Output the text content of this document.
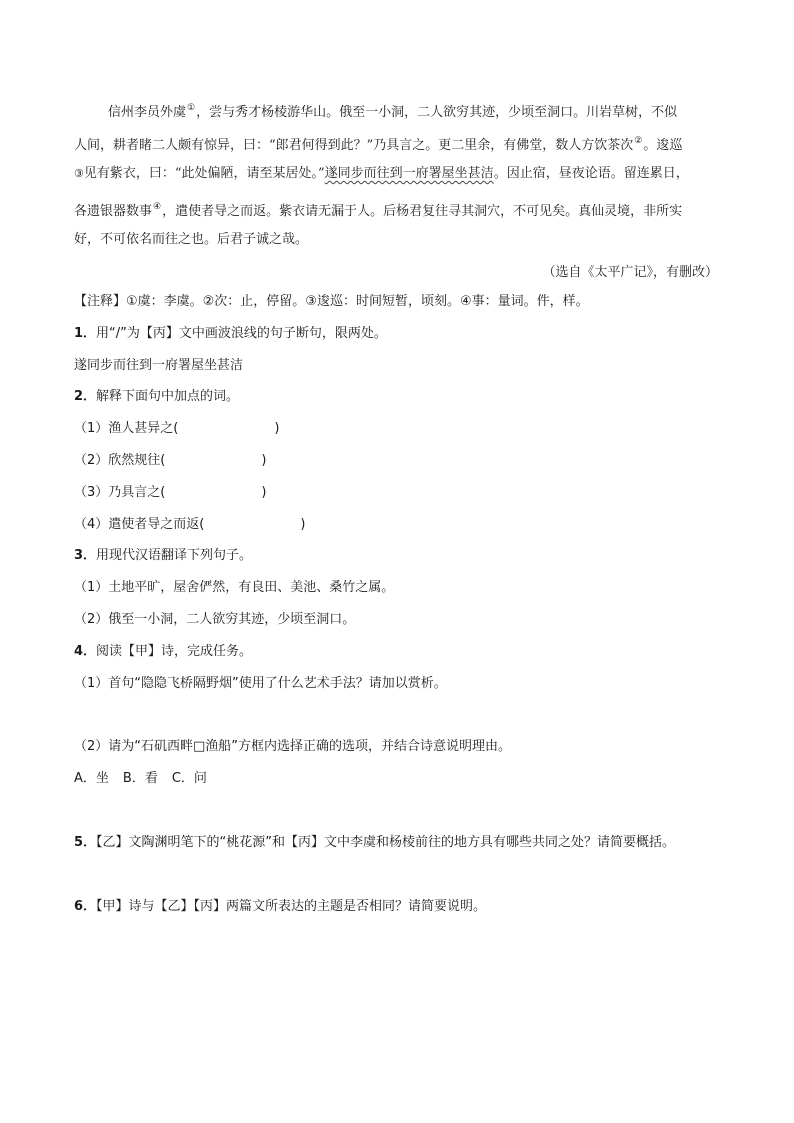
信州李员外虞①，尝与秀才杨棱游华山。俄至一小洞，二人欲穷其迹，少顷至洞口。川岩草树，不似
人间，耕者睹二人颇有惊异，曰：“郎君何得到此？”乃具言之。更二里余，有佛堂，数人方饮茶次②。逡巡
③见有紫衣，曰：“此处偏陋，请至某居处。”遂同步而往到一府署屋坐甚洁。因止宿，昼夜论语。留连累日，
各遗银器数事④，遣使者导之而返。紫衣请无漏于人。后杨君复往寻其洞穴，不可见矣。真仙灵境，非所实
好，不可依名而往之也。后君子诚之哉。
（选自《太平广记》，有删改）
【注释】①虞：李虞。②次：止，停留。③逡巡：时间短暂，顷刻。④事：量词。件，样。
1．用“/”为【丙】文中画波浪线的句子断句，限两处。
遂同步而往到一府署屋坐甚洁
2．解释下面句中加点的词。
（1）渔人甚异之(	)
（2）欣然规往(	)
（3）乃具言之(	)
（4）遣使者导之而返(	)
3．用现代汉语翻译下列句子。
（1）土地平旷，屋舍俨然，有良田、美池、桑竹之属。
（2）俄至一小洞，二人欲穷其迹，少顷至洞口。
4．阅读【甲】诗，完成任务。
（1）首句“隐隐飞桥隔野烟”使用了什么艺术手法？请加以赏析。
（2）请为“石矶西畔□渔船”方框内选择正确的选项，并结合诗意说明理由。
A．坐 B．看 C．问
5．【乙】文陶渊明笔下的“桃花源”和【丙】文中李虞和杨棱前往的地方具有哪些共同之处？请简要概括。
6．【甲】诗与【乙】【丙】两篇文所表达的主题是否相同？请简要说明。
